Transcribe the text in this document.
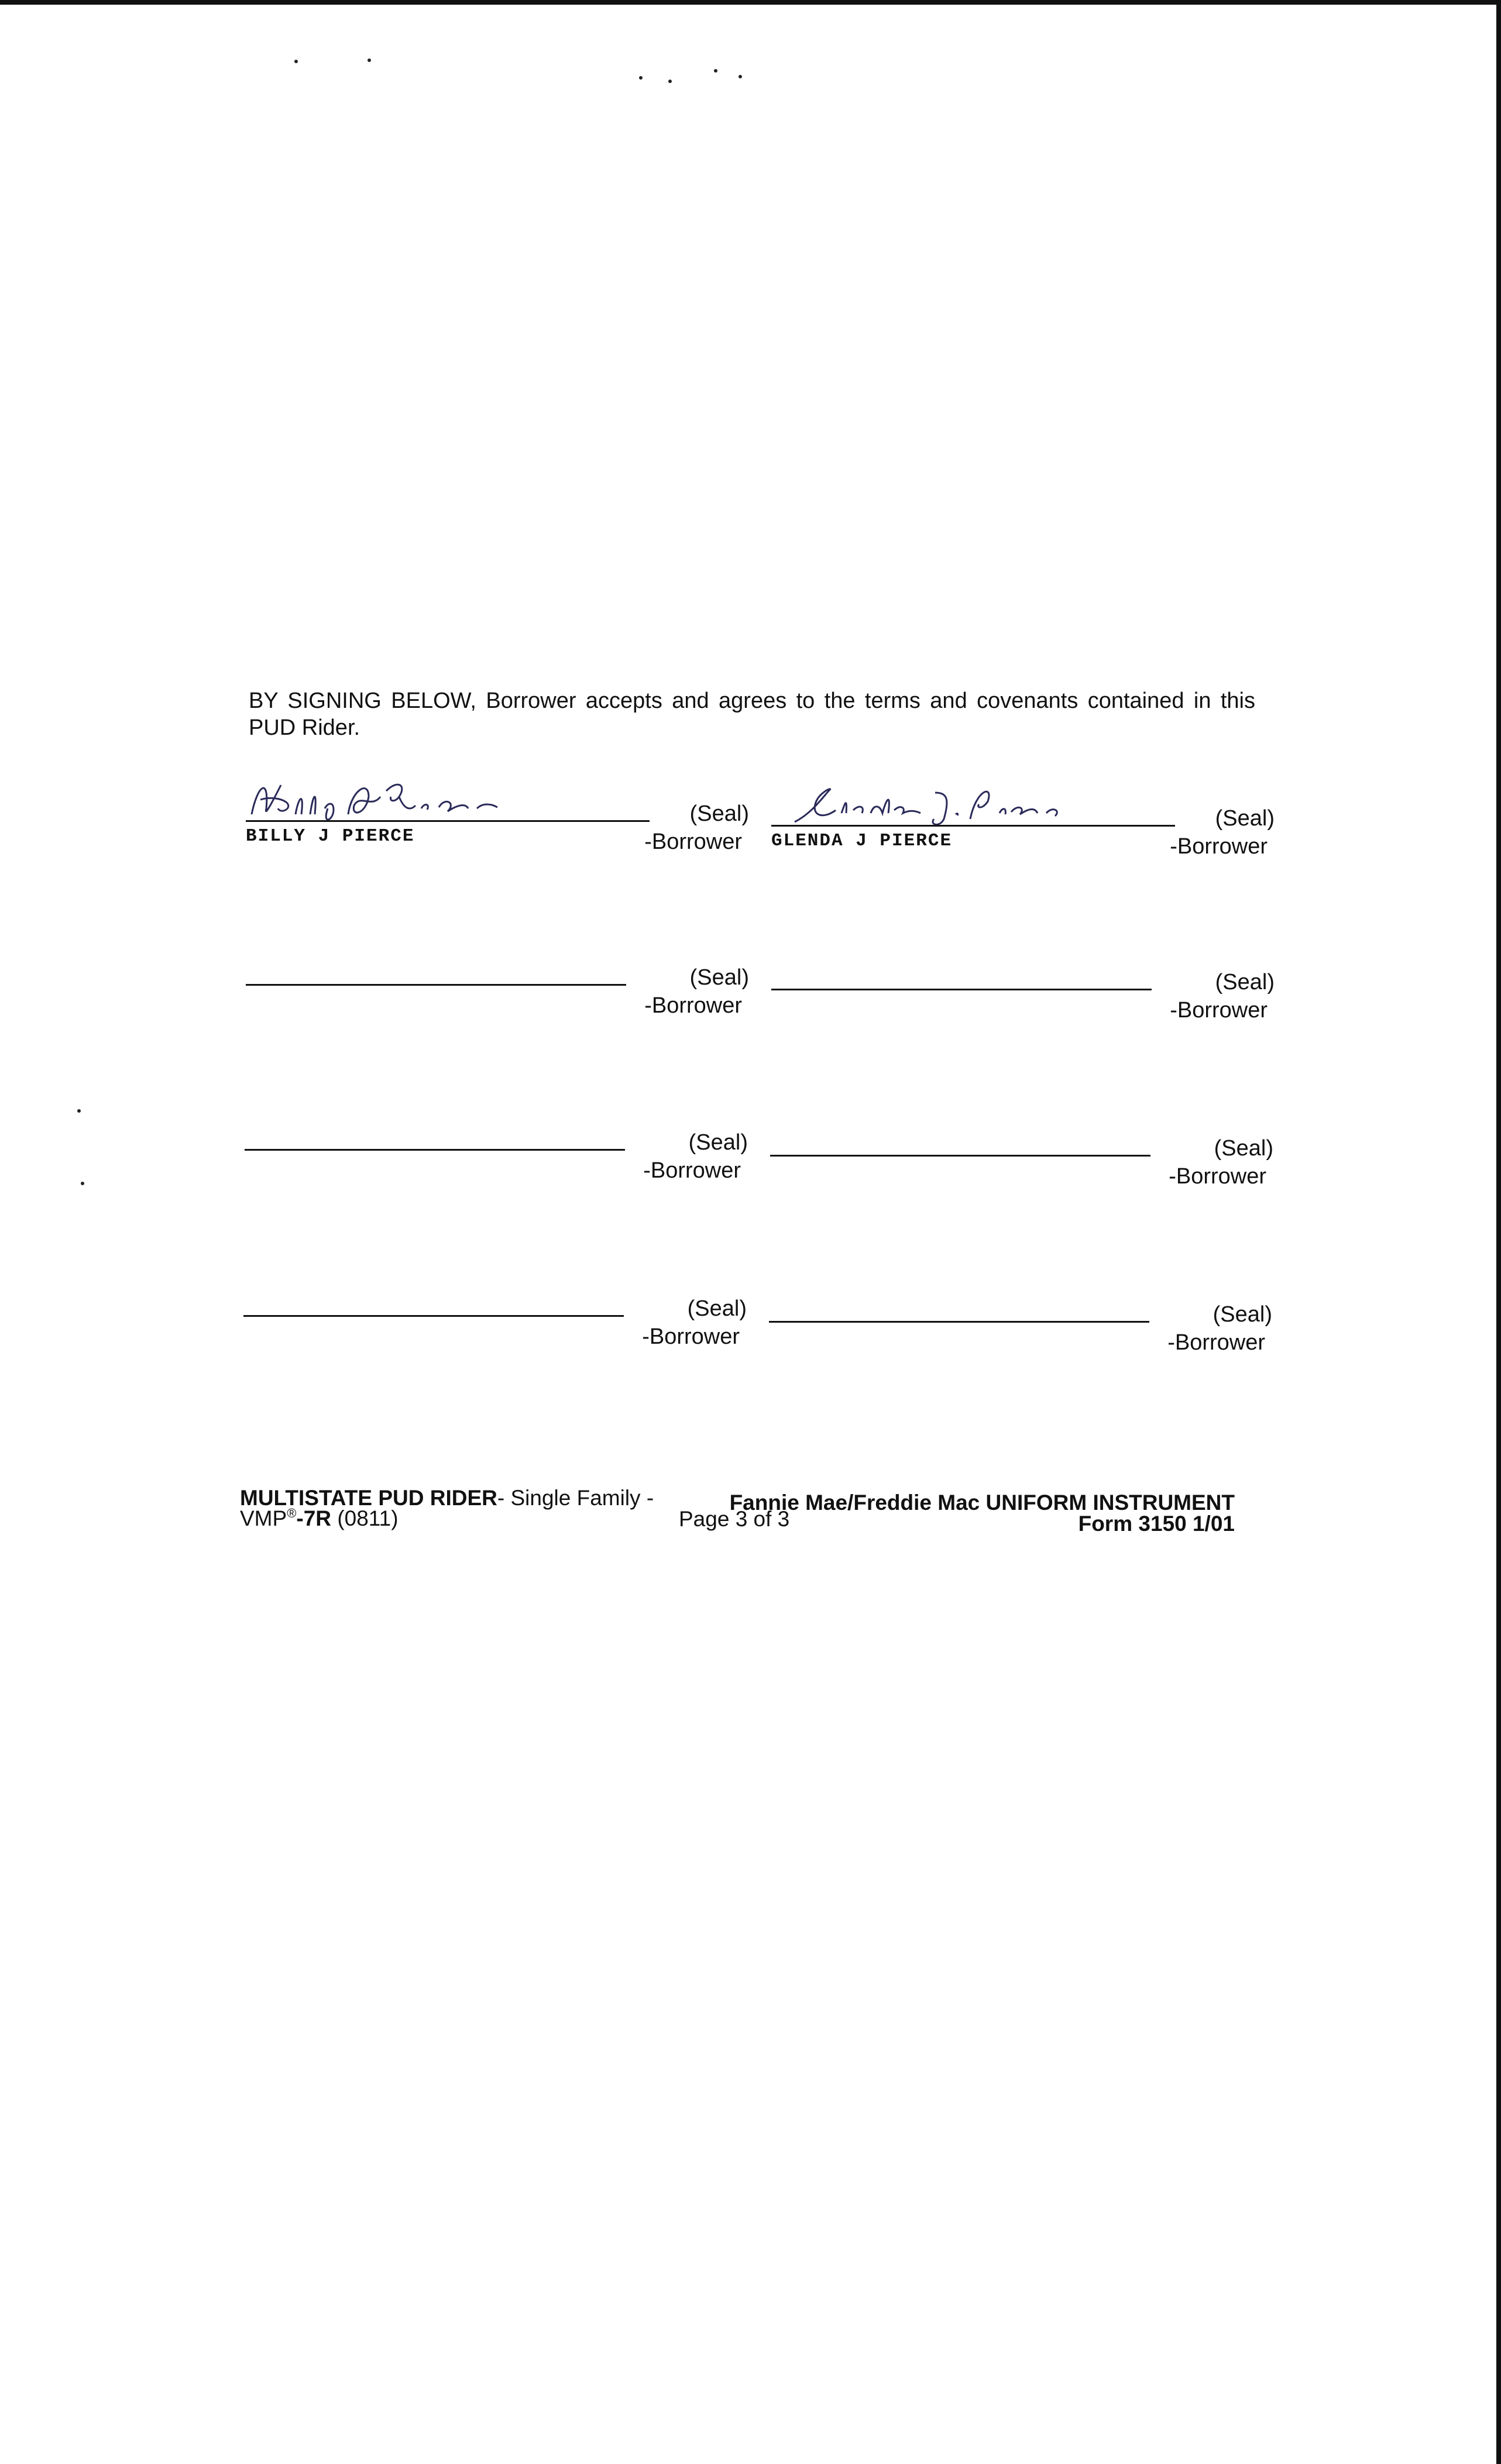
BY SIGNING BELOW, Borrower accepts and agrees to the terms and covenants contained in this PUD Rider.
(Seal)
BILLY J PIERCE	-Borrower
(Seal)
GLENDA J PIERCE	-Borrower
(Seal)
-Borrower
(Seal)
-Borrower
(Seal)
-Borrower
(Seal)
-Borrower
(Seal)
-Borrower
(Seal)
-Borrower
MULTISTATE PUD RIDER- Single Family -
VMP®-7R (0811)	Page 3 of 3
Fannie Mae/Freddie Mac UNIFORM INSTRUMENT
Form 3150 1/01
